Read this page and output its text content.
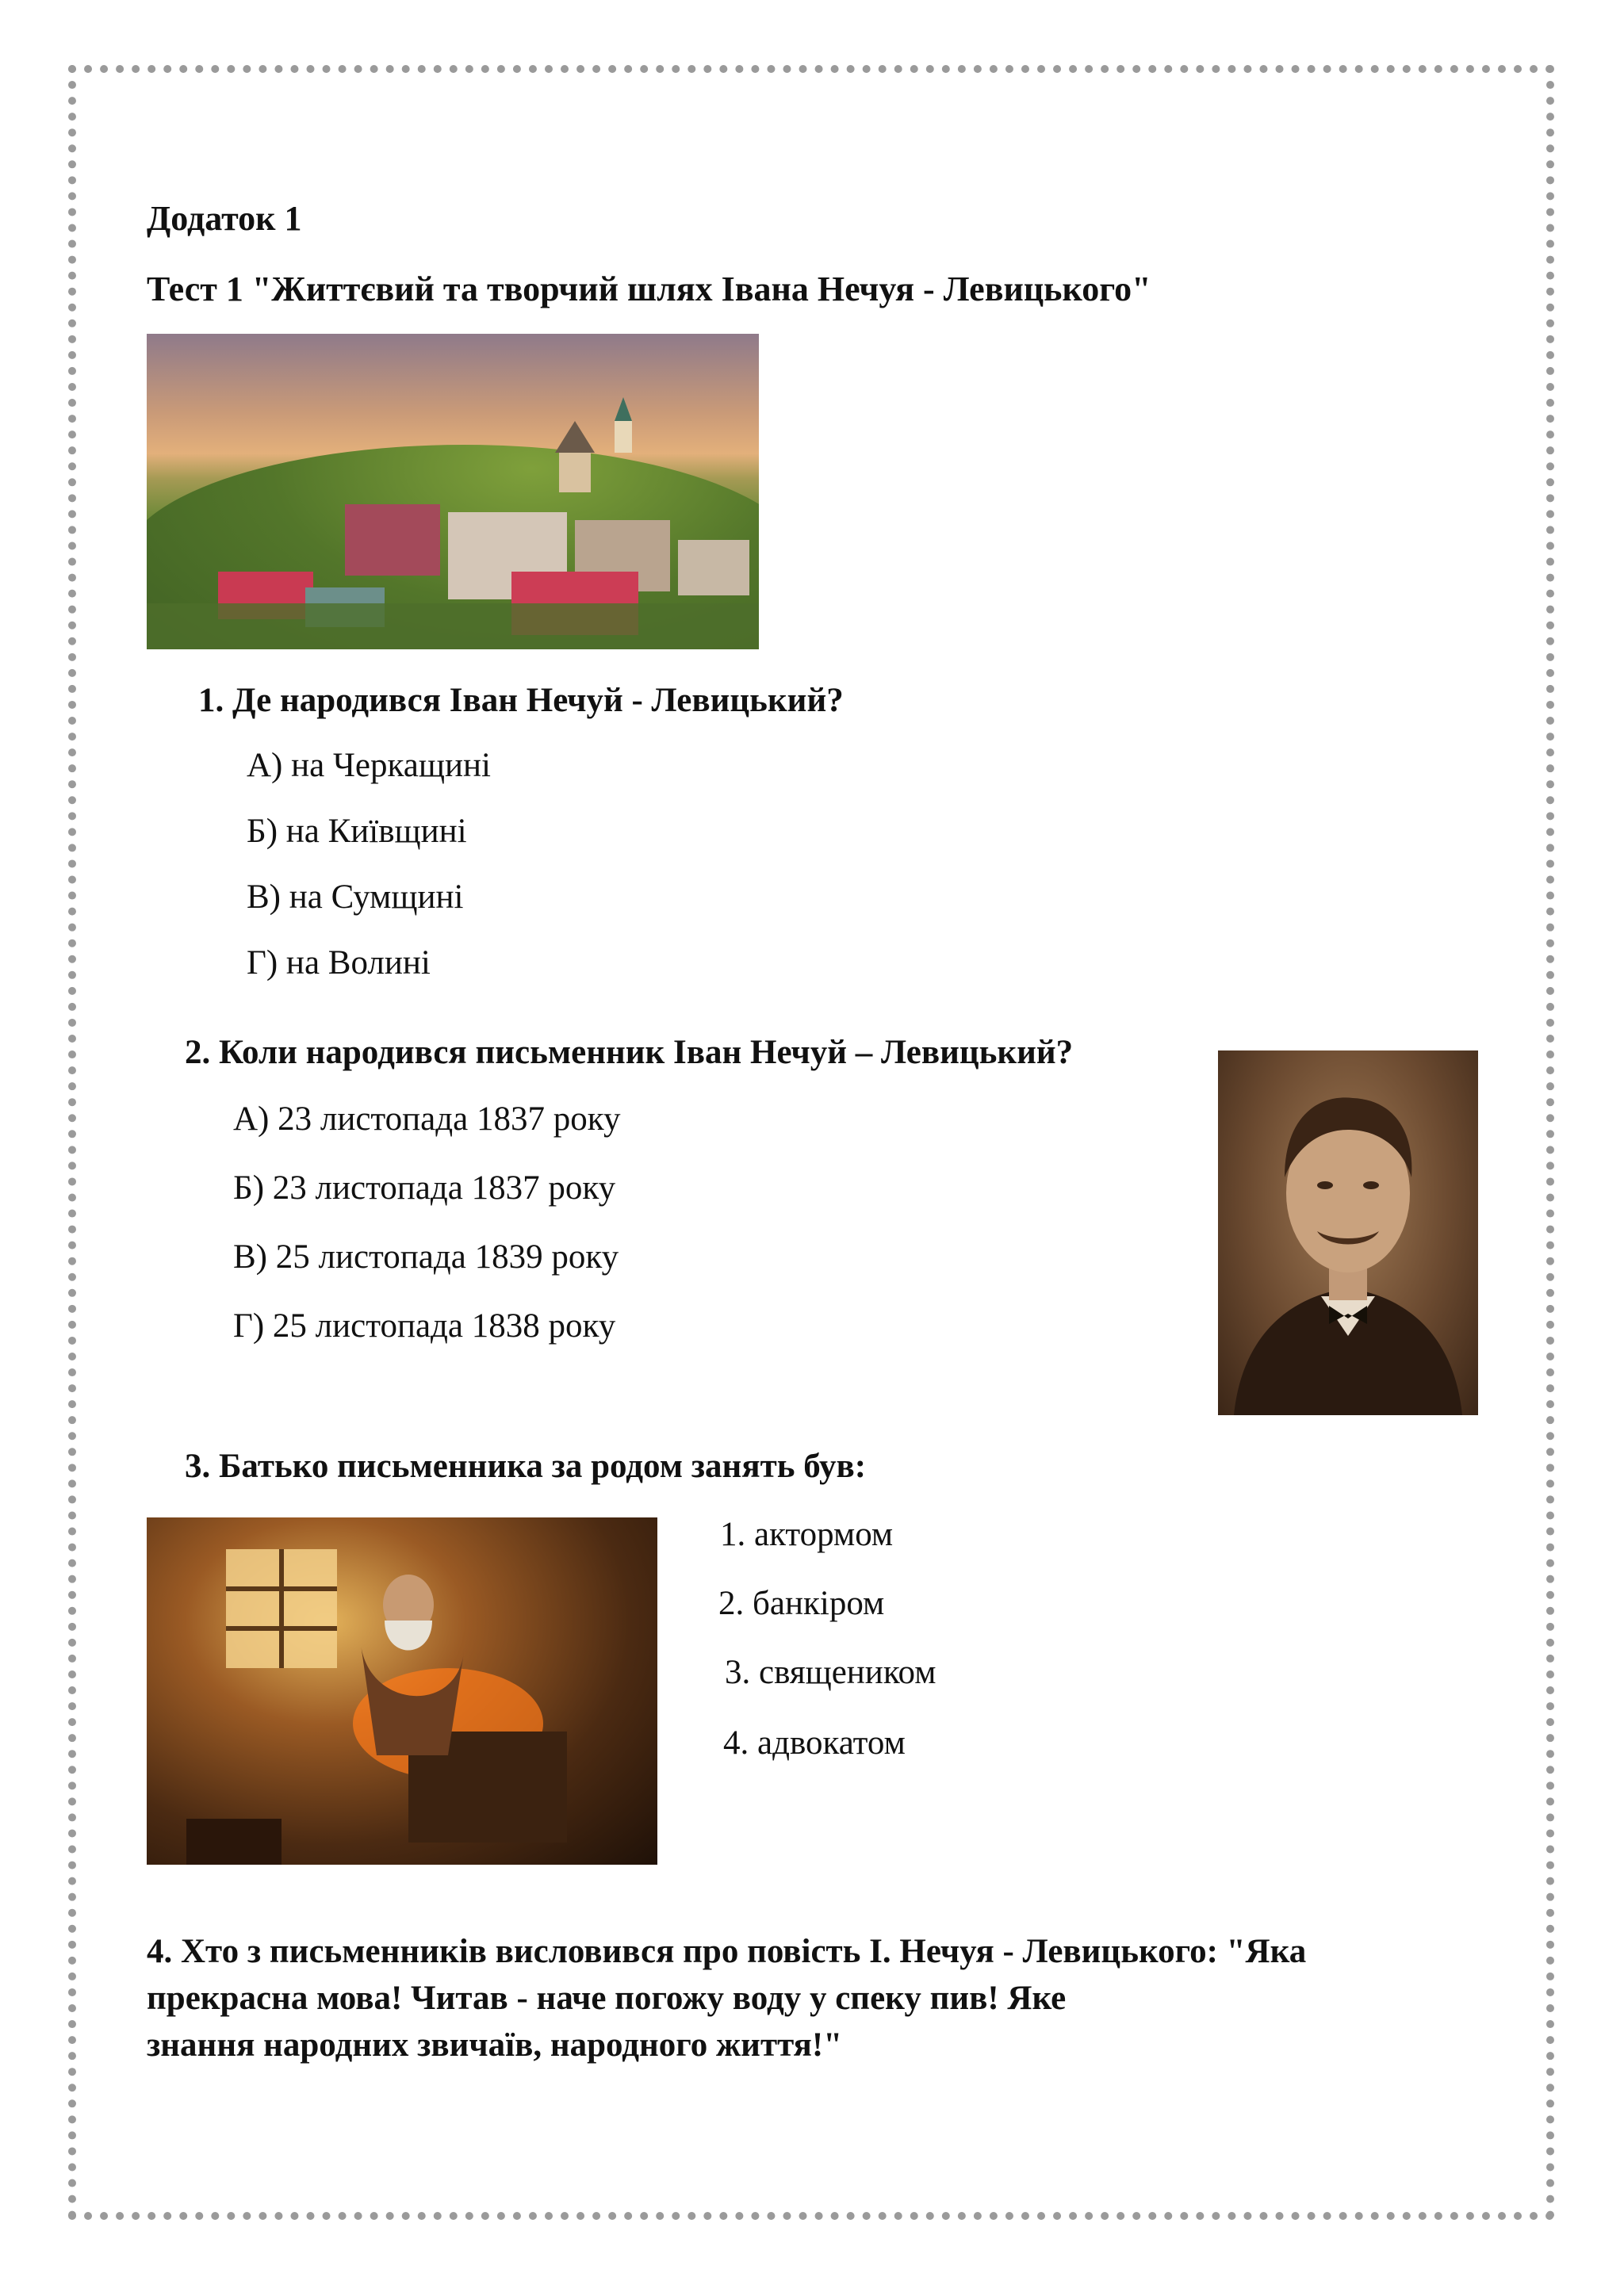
Додаток 1
Тест 1 "Життєвий та творчий шлях Івана Нечуя - Левицького"
1. Де народився Іван Нечуй - Левицький?
А) на Черкащині
Б) на Київщині
В) на Сумщині
Г) на Волині
2. Коли народився письменник Іван Нечуй – Левицький?
А) 23 листопада 1837 року
Б) 23 листопада 1837 року
В) 25 листопада 1839 року
Г) 25 листопада 1838 року
3. Батько письменника за родом занять був:
1. актормом
2. банкіром
3. священиком
4. адвокатом
4. Хто з письменників висловився про повість І. Нечуя - Левицького: "Яка
прекрасна мова! Читав - наче погожу воду у спеку пив! Яке
знання народних звичаїв, народного життя!"
